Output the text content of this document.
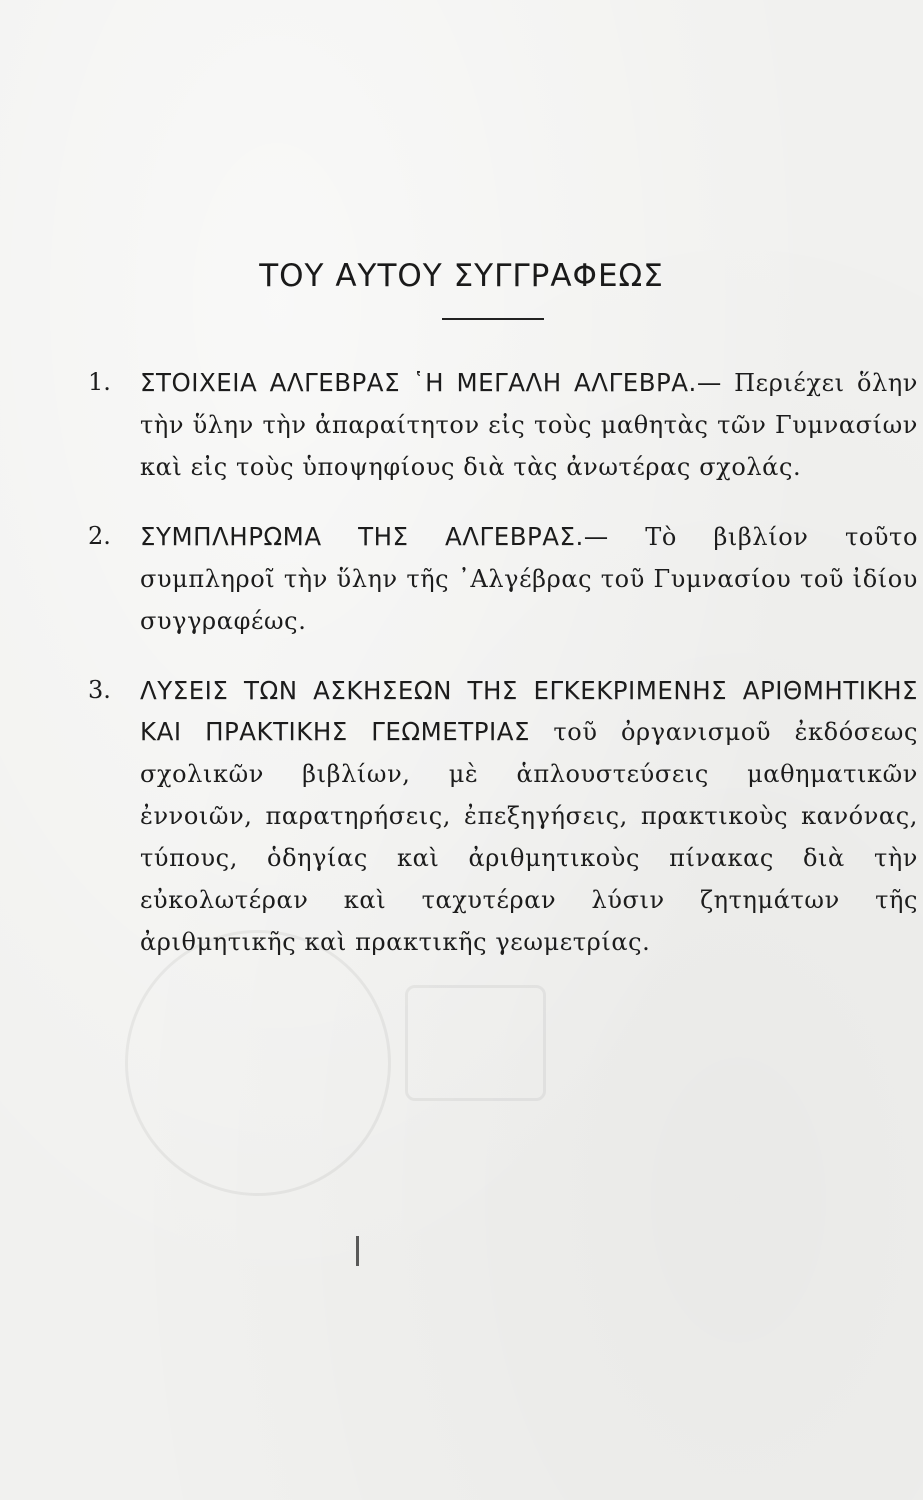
ΤΟΥ ΑΥΤΟΥ ΣΥΓΓΡΑΦΕΩΣ
1. ΣΤΟΙΧΕΙΑ ΑΛΓΕΒΡΑΣ ῾Η ΜΕΓΑΛΗ ΑΛΓΕΒΡΑ.— Περιέχει ὅλην τὴν ὕλην τὴν ἀπαραίτητον εἰς τοὺς μαθητὰς τῶν Γυμνασίων καὶ εἰς τοὺς ὑποψηφίους διὰ τὰς ἀνωτέρας σχολάς.
2. ΣΥΜΠΛΗΡΩΜΑ ΤΗΣ ΑΛΓΕΒΡΑΣ.— Τὸ βιβλίον τοῦτο συμπληροῖ τὴν ὕλην τῆς ᾿Αλγέβρας τοῦ Γυμνασίου τοῦ ἰδίου συγγραφέως.
3. ΛΥΣΕΙΣ ΤΩΝ ΑΣΚΗΣΕΩΝ ΤΗΣ ΕΓΚΕΚΡΙΜΕΝΗΣ ΑΡΙΘΜΗΤΙΚΗΣ ΚΑΙ ΠΡΑΚΤΙΚΗΣ ΓΕΩΜΕΤΡΙΑΣ τοῦ ὀργανισμοῦ ἐκδόσεως σχολικῶν βιβλίων, μὲ ἁπλουστεύσεις μαθηματικῶν ἐννοιῶν, παρατηρήσεις, ἐπεξηγήσεις, πρακτικοὺς κανόνας, τύπους, ὁδηγίας καὶ ἀριθμητικοὺς πίνακας διὰ τὴν εὐκολωτέραν καὶ ταχυτέραν λύσιν ζητημάτων τῆς ἀριθμητικῆς καὶ πρακτικῆς γεωμετρίας.
